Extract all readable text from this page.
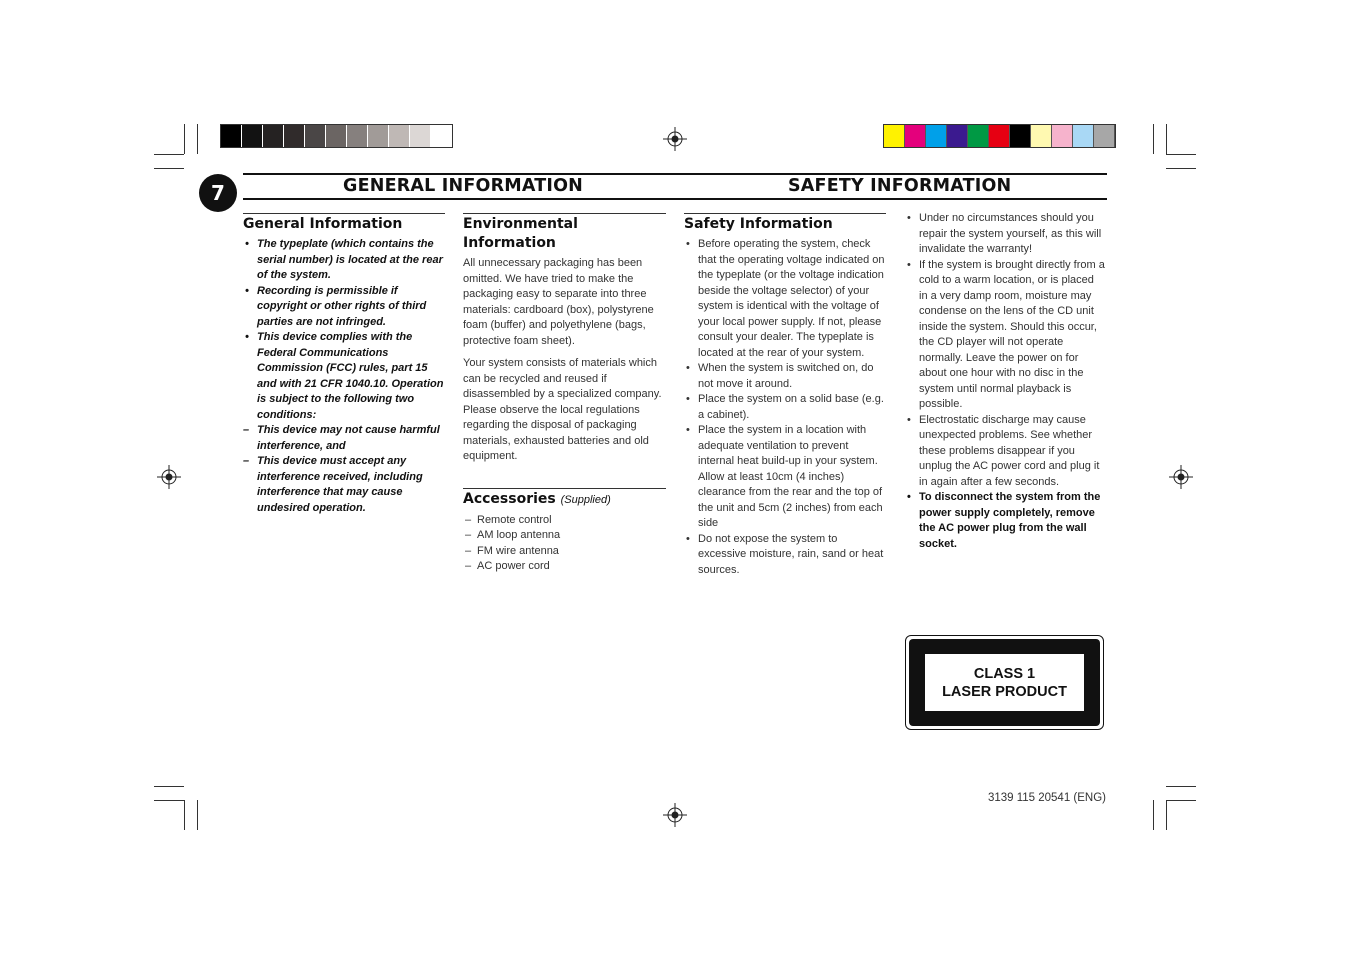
7	GENERAL INFORMATION	SAFETY INFORMATION
General Information
• The typeplate (which contains the serial number) is located at the rear of the system.
• Recording is permissible if copyright or other rights of third parties are not infringed.
• This device complies with the Federal Communications Commission (FCC) rules, part 15 and with 21 CFR 1040.10. Operation is subject to the following two conditions:
– This device may not cause harmful interference, and
– This device must accept any interference received, including interference that may cause undesired operation.
Environmental Information

All unnecessary packaging has been omitted. We have tried to make the packaging easy to separate into three materials: cardboard (box), polystyrene foam (buffer) and polyethylene (bags, protective foam sheet).

Your system consists of materials which can be recycled and reused if disassembled by a specialized company. Please observe the local regulations regarding the disposal of packaging materials, exhausted batteries and old equipment.

Accessories (Supplied)
– Remote control
– AM loop antenna
– FM wire antenna
– AC power cord
Safety Information
• Before operating the system, check that the operating voltage indicated on the typeplate (or the voltage indication beside the voltage selector) of your system is identical with the voltage of your local power supply. If not, please consult your dealer. The typeplate is located at the rear of your system.
• When the system is switched on, do not move it around.
• Place the system on a solid base (e.g. a cabinet).
• Place the system in a location with adequate ventilation to prevent internal heat build-up in your system. Allow at least 10cm (4 inches) clearance from the rear and the top of the unit and 5cm (2 inches) from each side
• Do not expose the system to excessive moisture, rain, sand or heat sources.
• Under no circumstances should you repair the system yourself, as this will invalidate the warranty!
• If the system is brought directly from a cold to a warm location, or is placed in a very damp room, moisture may condense on the lens of the CD unit inside the system. Should this occur, the CD player will not operate normally. Leave the power on for about one hour with no disc in the system until normal playback is possible.
• Electrostatic discharge may cause unexpected problems. See whether these problems disappear if you unplug the AC power cord and plug it in again after a few seconds.
• To disconnect the system from the power supply completely, remove the AC power plug from the wall socket.
CLASS 1
LASER PRODUCT
3139 115 20541 (ENG)
